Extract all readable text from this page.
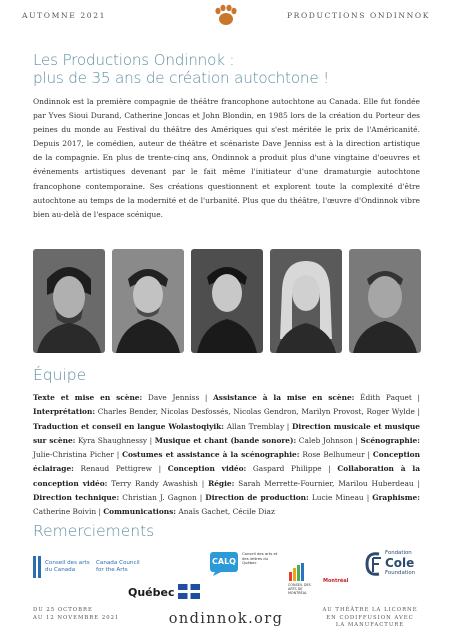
AUTOMNE 2021	PRODUCTIONS ONDINNOK
Les Productions Ondinnok :
plus de 35 ans de création autochtone !

Ondinnok est la première compagnie de théâtre francophone autochtone au Canada. Elle fut fondée par Yves Sioui Durand, Catherine Joncas et John Blondin, en 1985 lors de la création du Porteur des peines du monde au Festival du théâtre des Amériques qui s'est méritée le prix de l'Américanité. Depuis 2017, le comédien, auteur de théâtre et scénariste Dave Jenniss est à la direction artistique de la compagnie. En plus de trente-cinq ans, Ondinnok a produit plus d'une vingtaine d'oeuvres et événements artistiques devenant par le fait même l'initiateur d'une dramaturgie autochtone francophone contemporaine. Ses créations questionnent et explorent toute la complexité d'être autochtone au temps de la modernité et de l'urbanité. Plus que du théâtre, l'œuvre d'Ondinnok vibre bien au-delà de l'espace scénique.

Équipe

Texte et mise en scène: Dave Jenniss | Assistance à la mise en scène: Édith Paquet | Interprétation: Charles Bender, Nicolas Desfossés, Nicolas Gendron, Marilyn Provost, Roger Wylde | Traduction et conseil en langue Wolastoqiyik: Allan Tremblay | Direction musicale et musique sur scène: Kyra Shaughnessy | Musique et chant (bande sonore): Caleb Johnson | Scénographie: Julie-Christina Picher | Costumes et assistance à la scénographie: Rose Belhumeur | Conception éclairage: Renaud Pettigrew | Conception vidéo: Gaspard Philippe | Collaboration à la conception vidéo: Terry Randy Awashish | Régie: Sarah Merrette-Fournier, Marilou Huberdeau | Direction technique: Christian J. Gagnon | Direction de production: Lucie Mineau | Graphisme: Catherine Boivin | Communications: Anaïs Gachet, Cécile Diaz

Remerciements
Conseil des arts du Canada
Canada Council for the Arts
Québec
CALQ
Conseil des arts et des lettres du Québec
CONSEIL DES ARTS DE MONTRÉAL
Montréal
Fondation
Cole
Foundation
DU 25 OCTOBRE
AU 12 NOVEMBRE 2021	ondinnok.org
AU THÉÂTRE LA LICORNE
EN CODIFFUSION AVEC
LA MANUFACTURE
